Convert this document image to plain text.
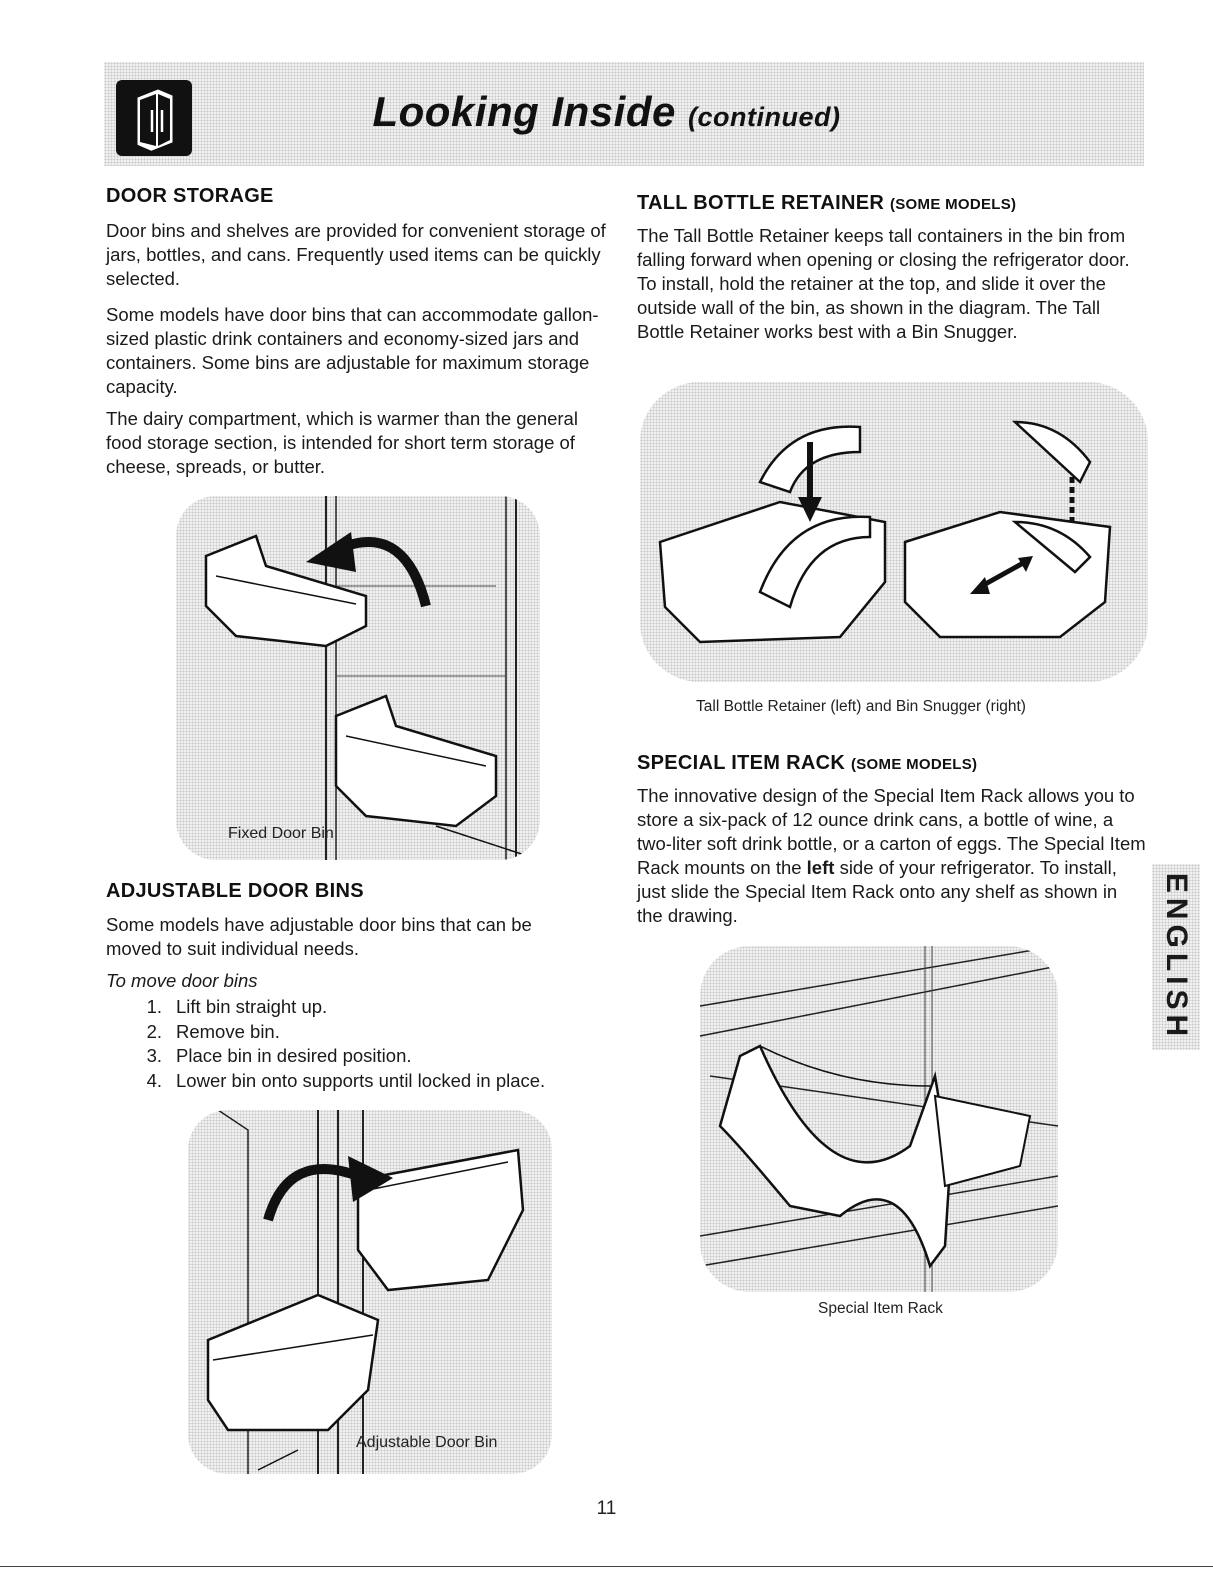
Looking Inside (continued)
DOOR STORAGE

Door bins and shelves are provided for convenient storage of jars, bottles, and cans. Frequently used items can be quickly selected.

Some models have door bins that can accommodate gallon-sized plastic drink containers and economy-sized jars and containers. Some bins are adjustable for maximum storage capacity.

The dairy compartment, which is warmer than the general food storage section, is intended for short term storage of cheese, spreads, or butter.

Fixed Door Bin
ADJUSTABLE DOOR BINS

Some models have adjustable door bins that can be moved to suit individual needs.

To move door bins

1. Lift bin straight up.
2. Remove bin.
3. Place bin in desired position.
4. Lower bin onto supports until locked in place.
Adjustable Door Bin
TALL BOTTLE RETAINER (SOME MODELS)

The Tall Bottle Retainer keeps tall containers in the bin from falling forward when opening or closing the refrigerator door. To install, hold the retainer at the top, and slide it over the outside wall of the bin, as shown in the diagram. The Tall Bottle Retainer works best with a Bin Snugger.

Tall Bottle Retainer (left) and Bin Snugger (right)
SPECIAL ITEM RACK (SOME MODELS)

The innovative design of the Special Item Rack allows you to store a six-pack of 12 ounce drink cans, a bottle of wine, a two-liter soft drink bottle, or a carton of eggs. The Special Item Rack mounts on the left side of your refrigerator. To install, just slide the Special Item Rack onto any shelf as shown in the drawing.

Special Item Rack
ENGLISH
11
